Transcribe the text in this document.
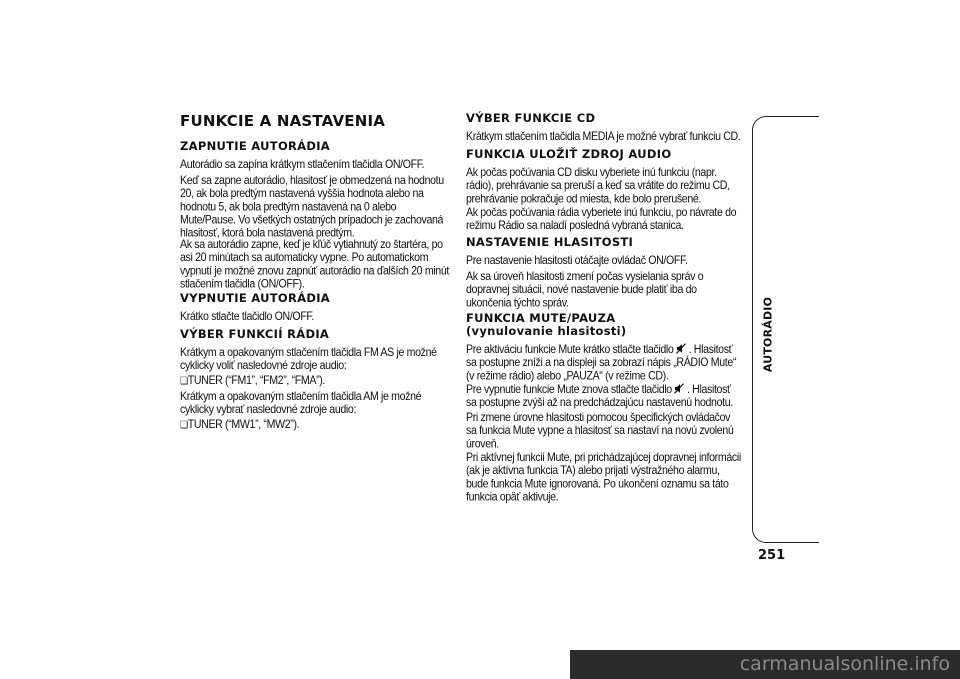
FUNKCIE A NASTAVENIA
ZAPNUTIE AUTORÁDIA

Autorádio sa zapína krátkym stlačením tlačidla ON/OFF.

Keď sa zapne autorádio, hlasitosť je obmedzená na hodnotu 20, ak bola predtým nastavená vyššia hodnota alebo na hodnotu 5, ak bola predtým nastavená na 0 alebo Mute/Pause. Vo všetkých ostatných prípadoch je zachovaná hlasitosť, ktorá bola nastavená predtým.

Ak sa autorádio zapne, keď je kľúč vytiahnutý zo štartéra, po asi 20 minútach sa automaticky vypne. Po automatickom vypnutí je možné znovu zapnúť autorádio na ďalších 20 minút stlačením tlačidla (ON/OFF).

VYPNUTIE AUTORÁDIA

Krátko stlačte tlačidlo ON/OFF.

VÝBER FUNKCIÍ RÁDIA

Krátkym a opakovaným stlačením tlačidla FM AS je možné cyklicky voliť nasledovné zdroje audio:

❏ TUNER (“FM1”, “FM2”, “FMA”).

Krátkym a opakovaným stlačením tlačidla AM je možné cyklicky vybrať nasledovné zdroje audio:

❏ TUNER (“MW1”, “MW2”).

VÝBER FUNKCIE CD

Krátkym stlačením tlačidla MEDIA je možné vybrať funkciu CD.

FUNKCIA ULOŽIŤ ZDROJ AUDIO

Ak počas počúvania CD disku vyberiete inú funkciu (napr. rádio), prehrávanie sa preruší a keď sa vrátite do režimu CD, prehrávanie pokračuje od miesta, kde bolo prerušené.

Ak počas počúvania rádia vyberiete inú funkciu, po návrate do režimu Rádio sa naladí posledná vybraná stanica.

NASTAVENIE HLASITOSTI

Pre nastavenie hlasitosti otáčajte ovládač ON/OFF.

Ak sa úroveň hlasitosti zmení počas vysielania správ o dopravnej situácii, nové nastavenie bude platiť iba do ukončenia týchto správ.

FUNKCIA MUTE/PAUZA
(vynulovanie hlasitosti)

Pre aktiváciu funkcie Mute krátko stlačte tlačidlo . Hlasitosť sa postupne zníži a na displeji sa zobrazí nápis „RÁDIO Mute“ (v režime rádio) alebo „PAUZA“ (v režime CD).

Pre vypnutie funkcie Mute znova stlačte tlačidlo . Hlasitosť sa postupne zvýši až na predchádzajúcu nastavenú hodnotu.

Pri zmene úrovne hlasitosti pomocou špecifických ovládačov sa funkcia Mute vypne a hlasitosť sa nastaví na novú zvolenú úroveň.

Pri aktívnej funkcii Mute, pri prichádzajúcej dopravnej informácii (ak je aktívna funkcia TA) alebo prijatí výstražného alarmu, bude funkcia Mute ignorovaná. Po ukončení oznamu sa táto funkcia opäť aktivuje.

AUTORÁDIO
251
carmanualsonline.info
